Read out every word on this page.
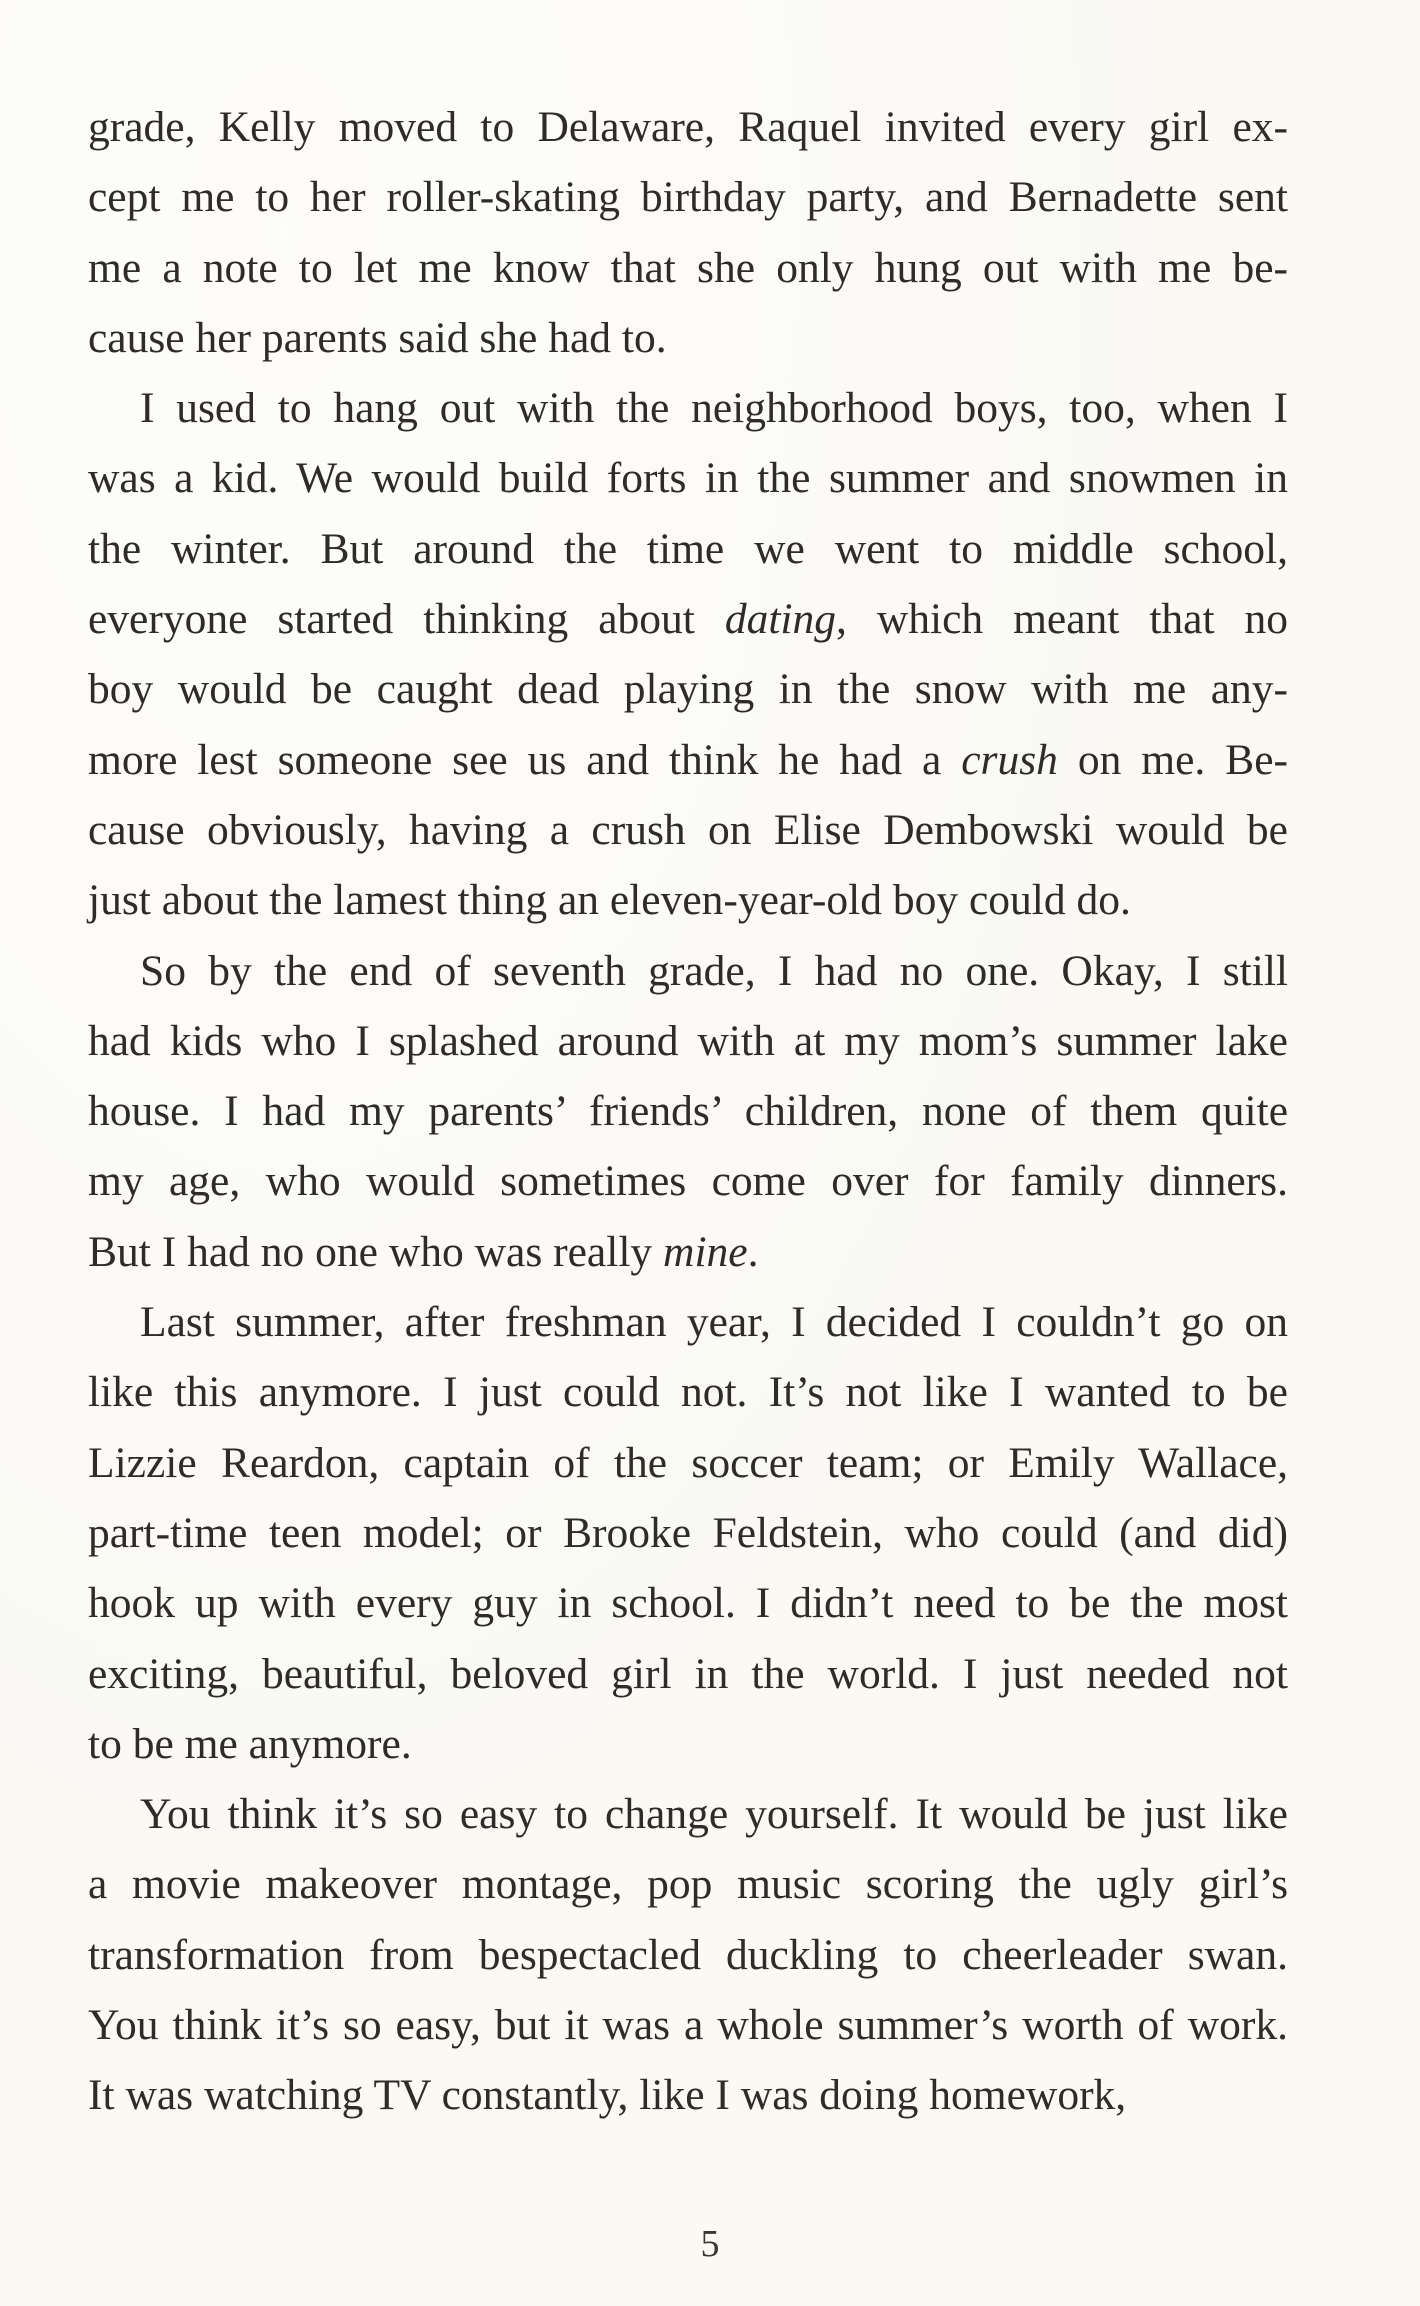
grade, Kelly moved to Delaware, Raquel invited every girl ex-
cept me to her roller-skating birthday party, and Bernadette sent
me a note to let me know that she only hung out with me be-
cause her parents said she had to.
I used to hang out with the neighborhood boys, too, when I
was a kid. We would build forts in the summer and snowmen in
the winter. But around the time we went to middle school,
everyone started thinking about dating, which meant that no
boy would be caught dead playing in the snow with me any-
more lest someone see us and think he had a crush on me. Be-
cause obviously, having a crush on Elise Dembowski would be
just about the lamest thing an eleven-year-old boy could do.
So by the end of seventh grade, I had no one. Okay, I still
had kids who I splashed around with at my mom’s summer lake
house. I had my parents’ friends’ children, none of them quite
my age, who would sometimes come over for family dinners.
But I had no one who was really mine.
Last summer, after freshman year, I decided I couldn’t go on
like this anymore. I just could not. It’s not like I wanted to be
Lizzie Reardon, captain of the soccer team; or Emily Wallace,
part-time teen model; or Brooke Feldstein, who could (and did)
hook up with every guy in school. I didn’t need to be the most
exciting, beautiful, beloved girl in the world. I just needed not
to be me anymore.
You think it’s so easy to change yourself. It would be just like
a movie makeover montage, pop music scoring the ugly girl’s
transformation from bespectacled duckling to cheerleader swan.
You think it’s so easy, but it was a whole summer’s worth of work.
It was watching TV constantly, like I was doing homework,
5
